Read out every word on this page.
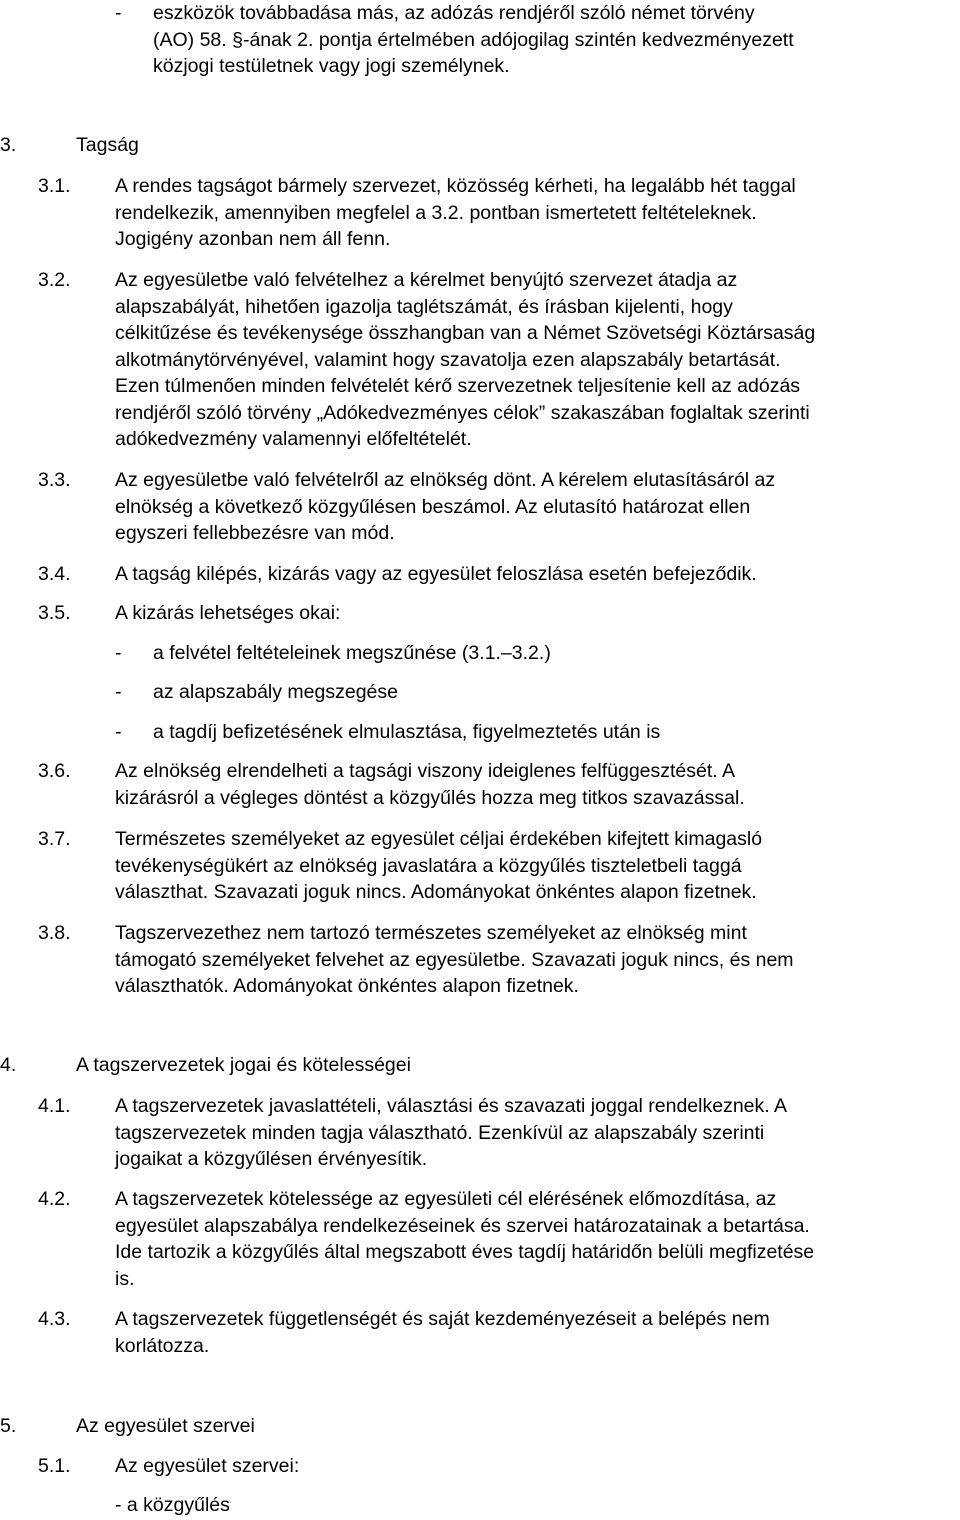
- eszközök továbbadása más, az adózás rendjéről szóló német törvény
(AO) 58. §-ának 2. pontja értelmében adójogilag szintén kedvezményezett
közjogi testületnek vagy jogi személynek.
3.	Tagság
3.1. A rendes tagságot bármely szervezet, közösség kérheti, ha legalább hét taggal
rendelkezik, amennyiben megfelel a 3.2. pontban ismertetett feltételeknek.
Jogigény azonban nem áll fenn.
3.2. Az egyesületbe való felvételhez a kérelmet benyújtó szervezet átadja az
alapszabályát, hihetően igazolja taglétszámát, és írásban kijelenti, hogy
célkitűzése és tevékenysége összhangban van a Német Szövetségi Köztársaság
alkotmánytörvényével, valamint hogy szavatolja ezen alapszabály betartását.
Ezen túlmenően minden felvételét kérő szervezetnek teljesítenie kell az adózás
rendjéről szóló törvény „Adókedvezményes célok” szakaszában foglaltak szerinti
adókedvezmény valamennyi előfeltételét.
3.3. Az egyesületbe való felvételről az elnökség dönt. A kérelem elutasításáról az
elnökség a következő közgyűlésen beszámol. Az elutasító határozat ellen
egyszeri fellebbezésre van mód.
3.4. A tagság kilépés, kizárás vagy az egyesület feloszlása esetén befejeződik.
3.5. A kizárás lehetséges okai:
- a felvétel feltételeinek megszűnése (3.1.–3.2.)
- az alapszabály megszegése
- a tagdíj befizetésének elmulasztása, figyelmeztetés után is
3.6. Az elnökség elrendelheti a tagsági viszony ideiglenes felfüggesztését. A
kizárásról a végleges döntést a közgyűlés hozza meg titkos szavazással.
3.7. Természetes személyeket az egyesület céljai érdekében kifejtett kimagasló
tevékenységükért az elnökség javaslatára a közgyűlés tiszteletbeli taggá
választhat. Szavazati joguk nincs. Adományokat önkéntes alapon fizetnek.
3.8. Tagszervezethez nem tartozó természetes személyeket az elnökség mint
támogató személyeket felvehet az egyesületbe. Szavazati joguk nincs, és nem
választhatók. Adományokat önkéntes alapon fizetnek.
4.	A tagszervezetek jogai és kötelességei
4.1. A tagszervezetek javaslattételi, választási és szavazati joggal rendelkeznek. A
tagszervezetek minden tagja választható. Ezenkívül az alapszabály szerinti
jogaikat a közgyűlésen érvényesítik.
4.2. A tagszervezetek kötelessége az egyesületi cél elérésének előmozdítása, az
egyesület alapszabálya rendelkezéseinek és szervei határozatainak a betartása.
Ide tartozik a közgyűlés által megszabott éves tagdíj határidőn belüli megfizetése
is.
4.3. A tagszervezetek függetlenségét és saját kezdeményezéseit a belépés nem
korlátozza.
5.	Az egyesület szervei
5.1. Az egyesület szervei:
- a közgyűlés
